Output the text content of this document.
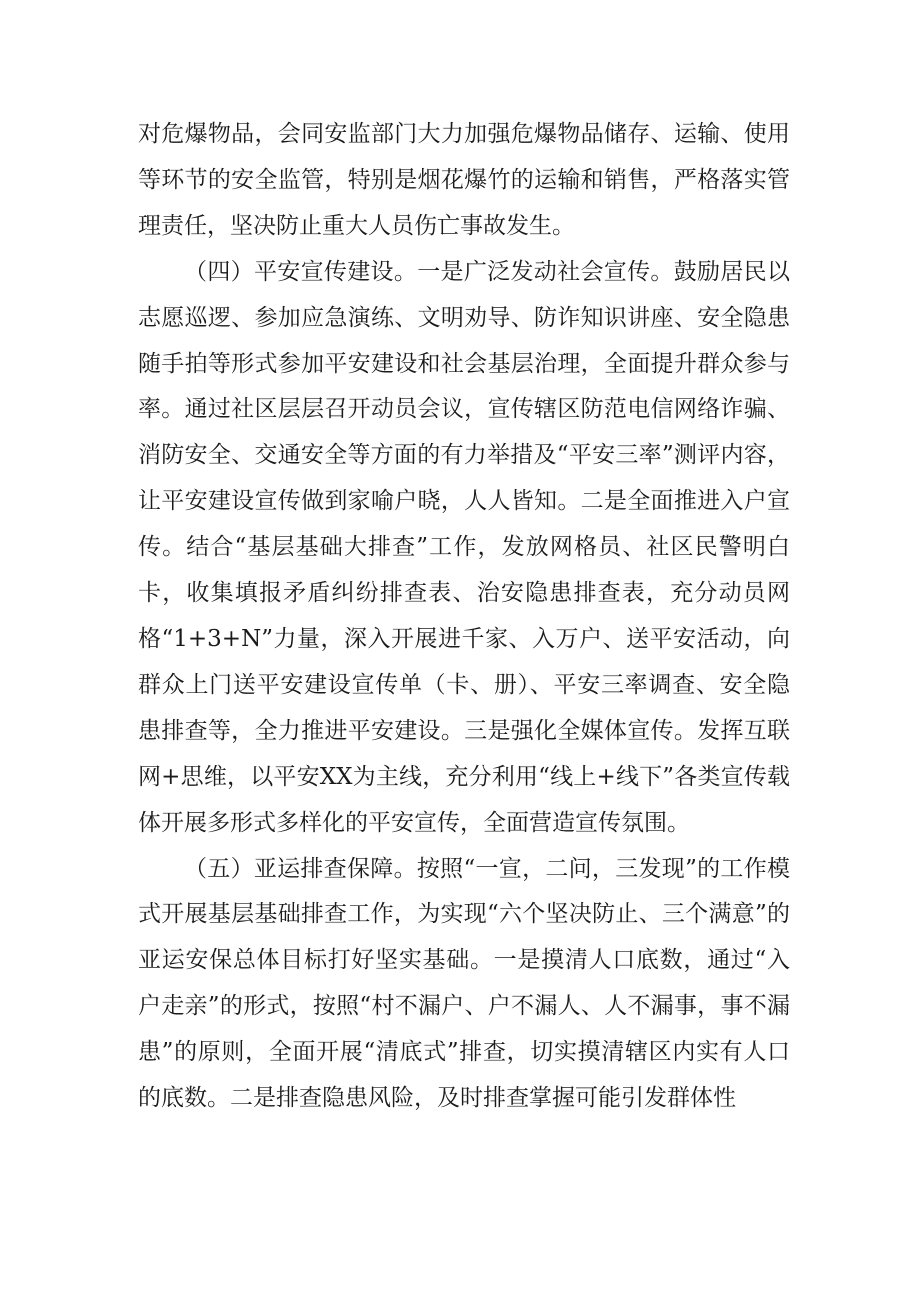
对危爆物品，会同安监部门大力加强危爆物品储存、运输、使用等环节的安全监管，特别是烟花爆竹的运输和销售，严格落实管理责任，坚决防止重大人员伤亡事故发生。

（四）平安宣传建设。一是广泛发动社会宣传。鼓励居民以志愿巡逻、参加应急演练、文明劝导、防诈知识讲座、安全隐患随手拍等形式参加平安建设和社会基层治理，全面提升群众参与率。通过社区层层召开动员会议，宣传辖区防范电信网络诈骗、消防安全、交通安全等方面的有力举措及“平安三率”测评内容，让平安建设宣传做到家喻户晓，人人皆知。二是全面推进入户宣传。结合“基层基础大排查”工作，发放网格员、社区民警明白卡，收集填报矛盾纠纷排查表、治安隐患排查表，充分动员网格“1+3+N”力量，深入开展进千家、入万户、送平安活动，向群众上门送平安建设宣传单（卡、册）、平安三率调查、安全隐患排查等，全力推进平安建设。三是强化全媒体宣传。发挥互联网+思维，以平安XX为主线，充分利用“线上+线下”各类宣传载体开展多形式多样化的平安宣传，全面营造宣传氛围。

（五）亚运排查保障。按照“一宣，二问，三发现”的工作模式开展基层基础排查工作，为实现“六个坚决防止、三个满意”的亚运安保总体目标打好坚实基础。一是摸清人口底数，通过“入户走亲”的形式，按照“村不漏户、户不漏人、人不漏事，事不漏患”的原则，全面开展“清底式”排查，切实摸清辖区内实有人口的底数。二是排查隐患风险，及时排查掌握可能引发群体性
